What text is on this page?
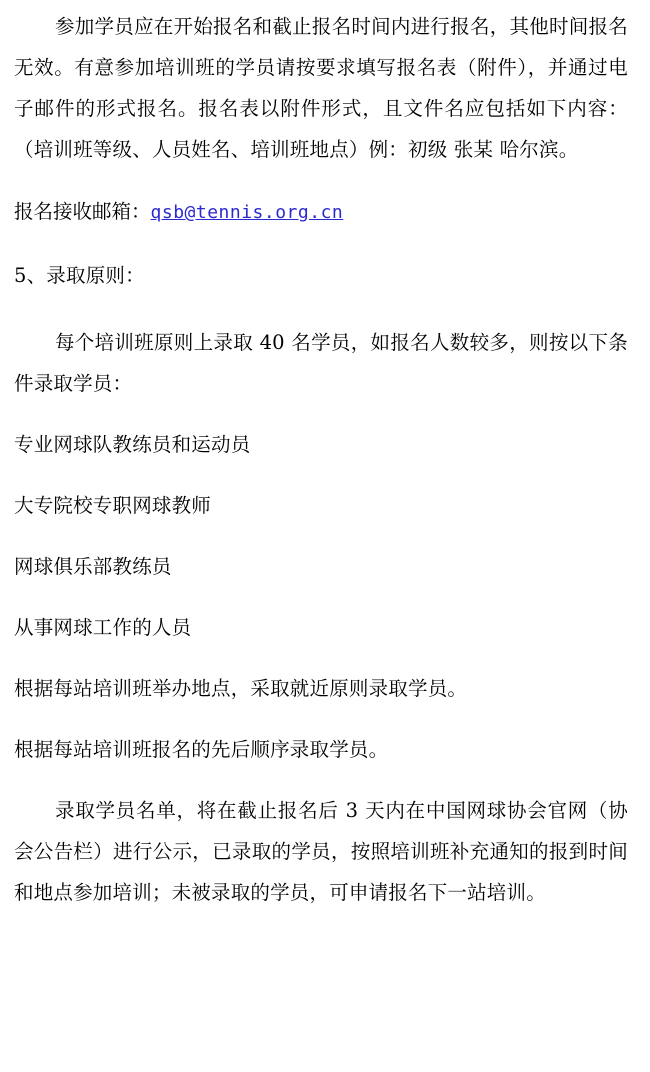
参加学员应在开始报名和截止报名时间内进行报名，其他时间报名无效。有意参加培训班的学员请按要求填写报名表（附件），并通过电子邮件的形式报名。报名表以附件形式，且文件名应包括如下内容：（培训班等级、人员姓名、培训班地点）例：初级 张某 哈尔滨。

报名接收邮箱：qsb@tennis.org.cn

5、录取原则：

每个培训班原则上录取 40 名学员，如报名人数较多，则按以下条件录取学员：

专业网球队教练员和运动员

大专院校专职网球教师

网球俱乐部教练员

从事网球工作的人员

根据每站培训班举办地点，采取就近原则录取学员。

根据每站培训班报名的先后顺序录取学员。

录取学员名单，将在截止报名后 3 天内在中国网球协会官网（协会公告栏）进行公示，已录取的学员，按照培训班补充通知的报到时间和地点参加培训；未被录取的学员，可申请报名下一站培训。
